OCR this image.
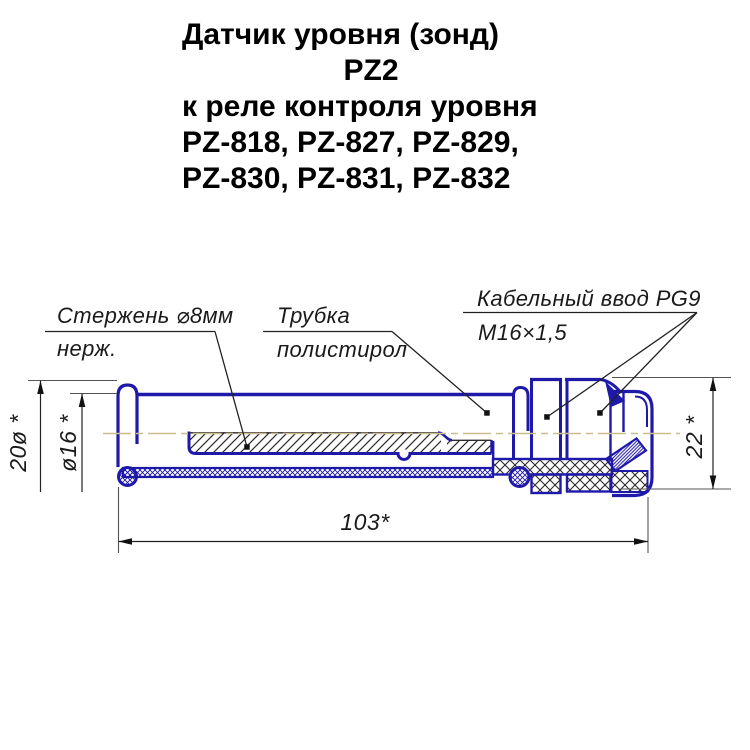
Датчик уровня (зонд)
PZ2
к реле контроля уровня
PZ-818, PZ-827, PZ-829,
PZ-830, PZ-831, PZ-832
20ø * ø16 *	22 *
103*
Стержень ⌀8мм
нерж.
Трубка
полистирол
Кабельный ввод PG9
M16×1,5
